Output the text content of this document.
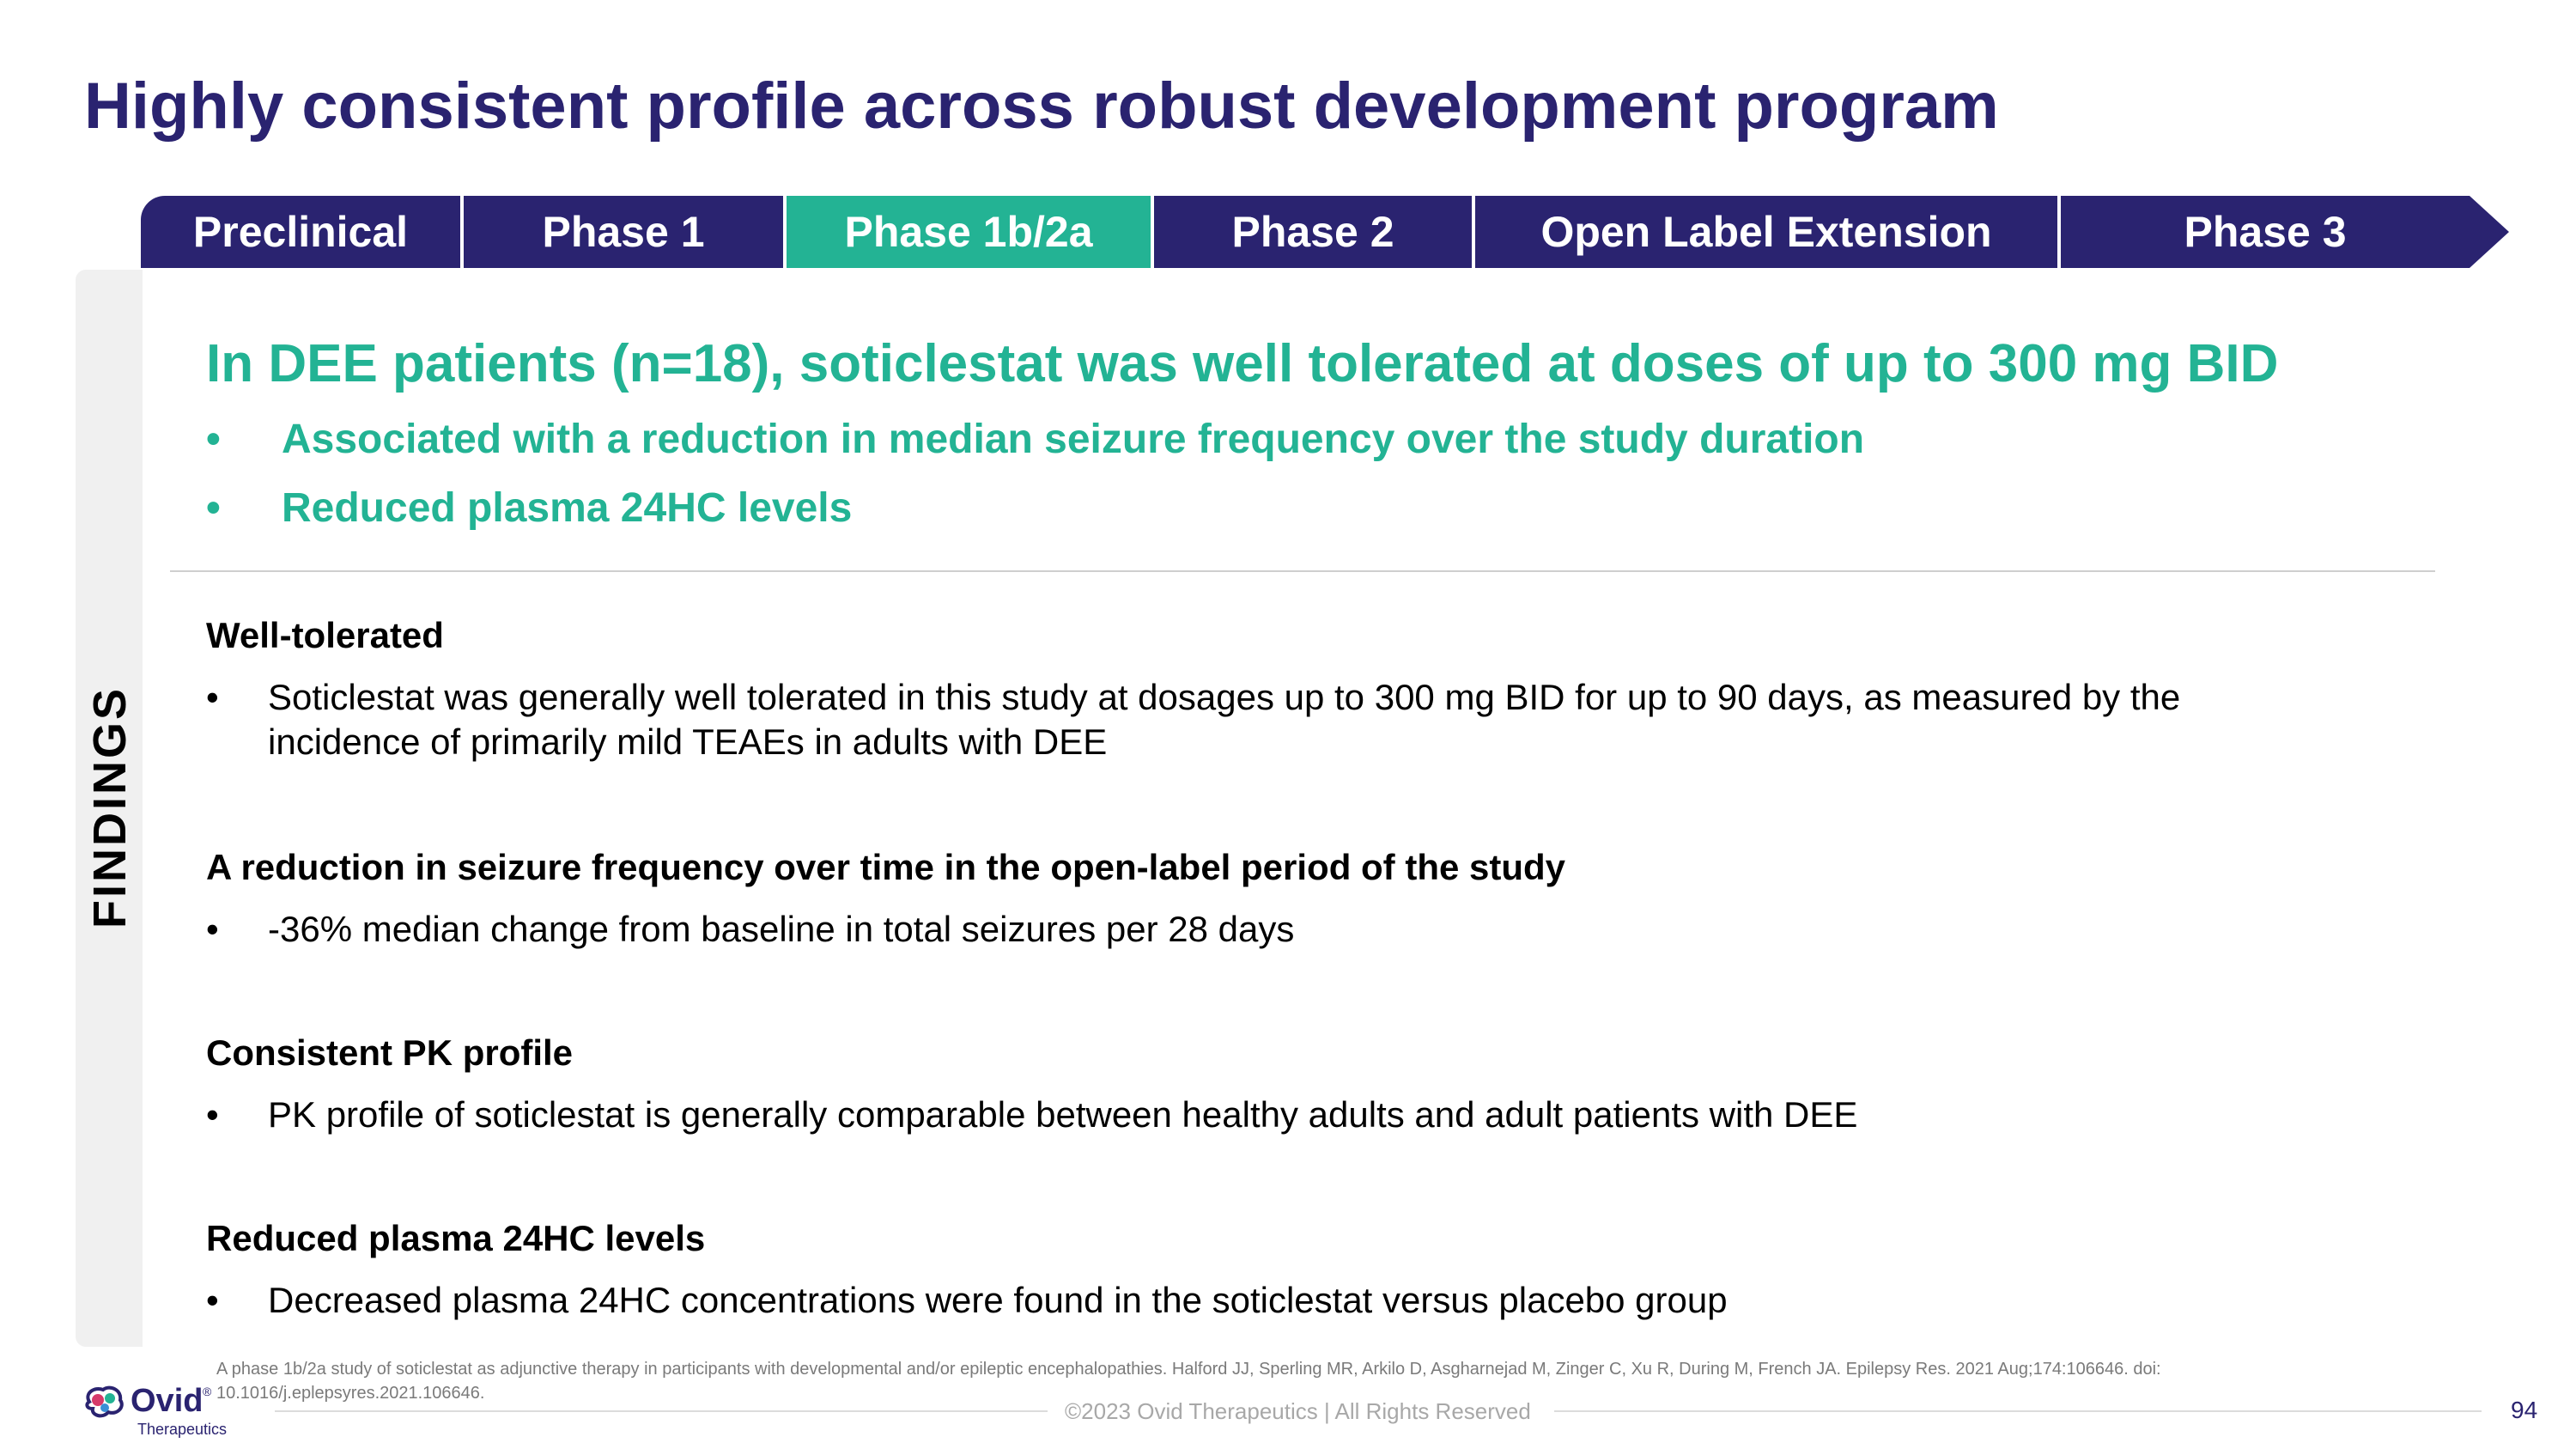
Highly consistent profile across robust development program
Preclinical	Phase 1	Phase 1b/2a	Phase 2	Open Label Extension	Phase 3
FINDINGS
In DEE patients (n=18), soticlestat was well tolerated at doses of up to 300 mg BID
• Associated with a reduction in median seizure frequency over the study duration
• Reduced plasma 24HC levels
Well-tolerated
• Soticlestat was generally well tolerated in this study at dosages up to 300 mg BID for up to 90 days, as measured by the incidence of primarily mild TEAEs in adults with DEE
A reduction in seizure frequency over time in the open-label period of the study
• -36% median change from baseline in total seizures per 28 days
Consistent PK profile
• PK profile of soticlestat is generally comparable between healthy adults and adult patients with DEE
Reduced plasma 24HC levels
• Decreased plasma 24HC concentrations were found in the soticlestat versus placebo group
A phase 1b/2a study of soticlestat as adjunctive therapy in participants with developmental and/or epileptic encephalopathies. Halford JJ, Sperling MR, Arkilo D, Asgharnejad M, Zinger C, Xu R, During M, French JA. Epilepsy Res. 2021 Aug;174:106646. doi: 10.1016/j.eplepsyres.2021.106646.
Ovid ®
Therapeutics
©2023 Ovid Therapeutics | All Rights Reserved	94
